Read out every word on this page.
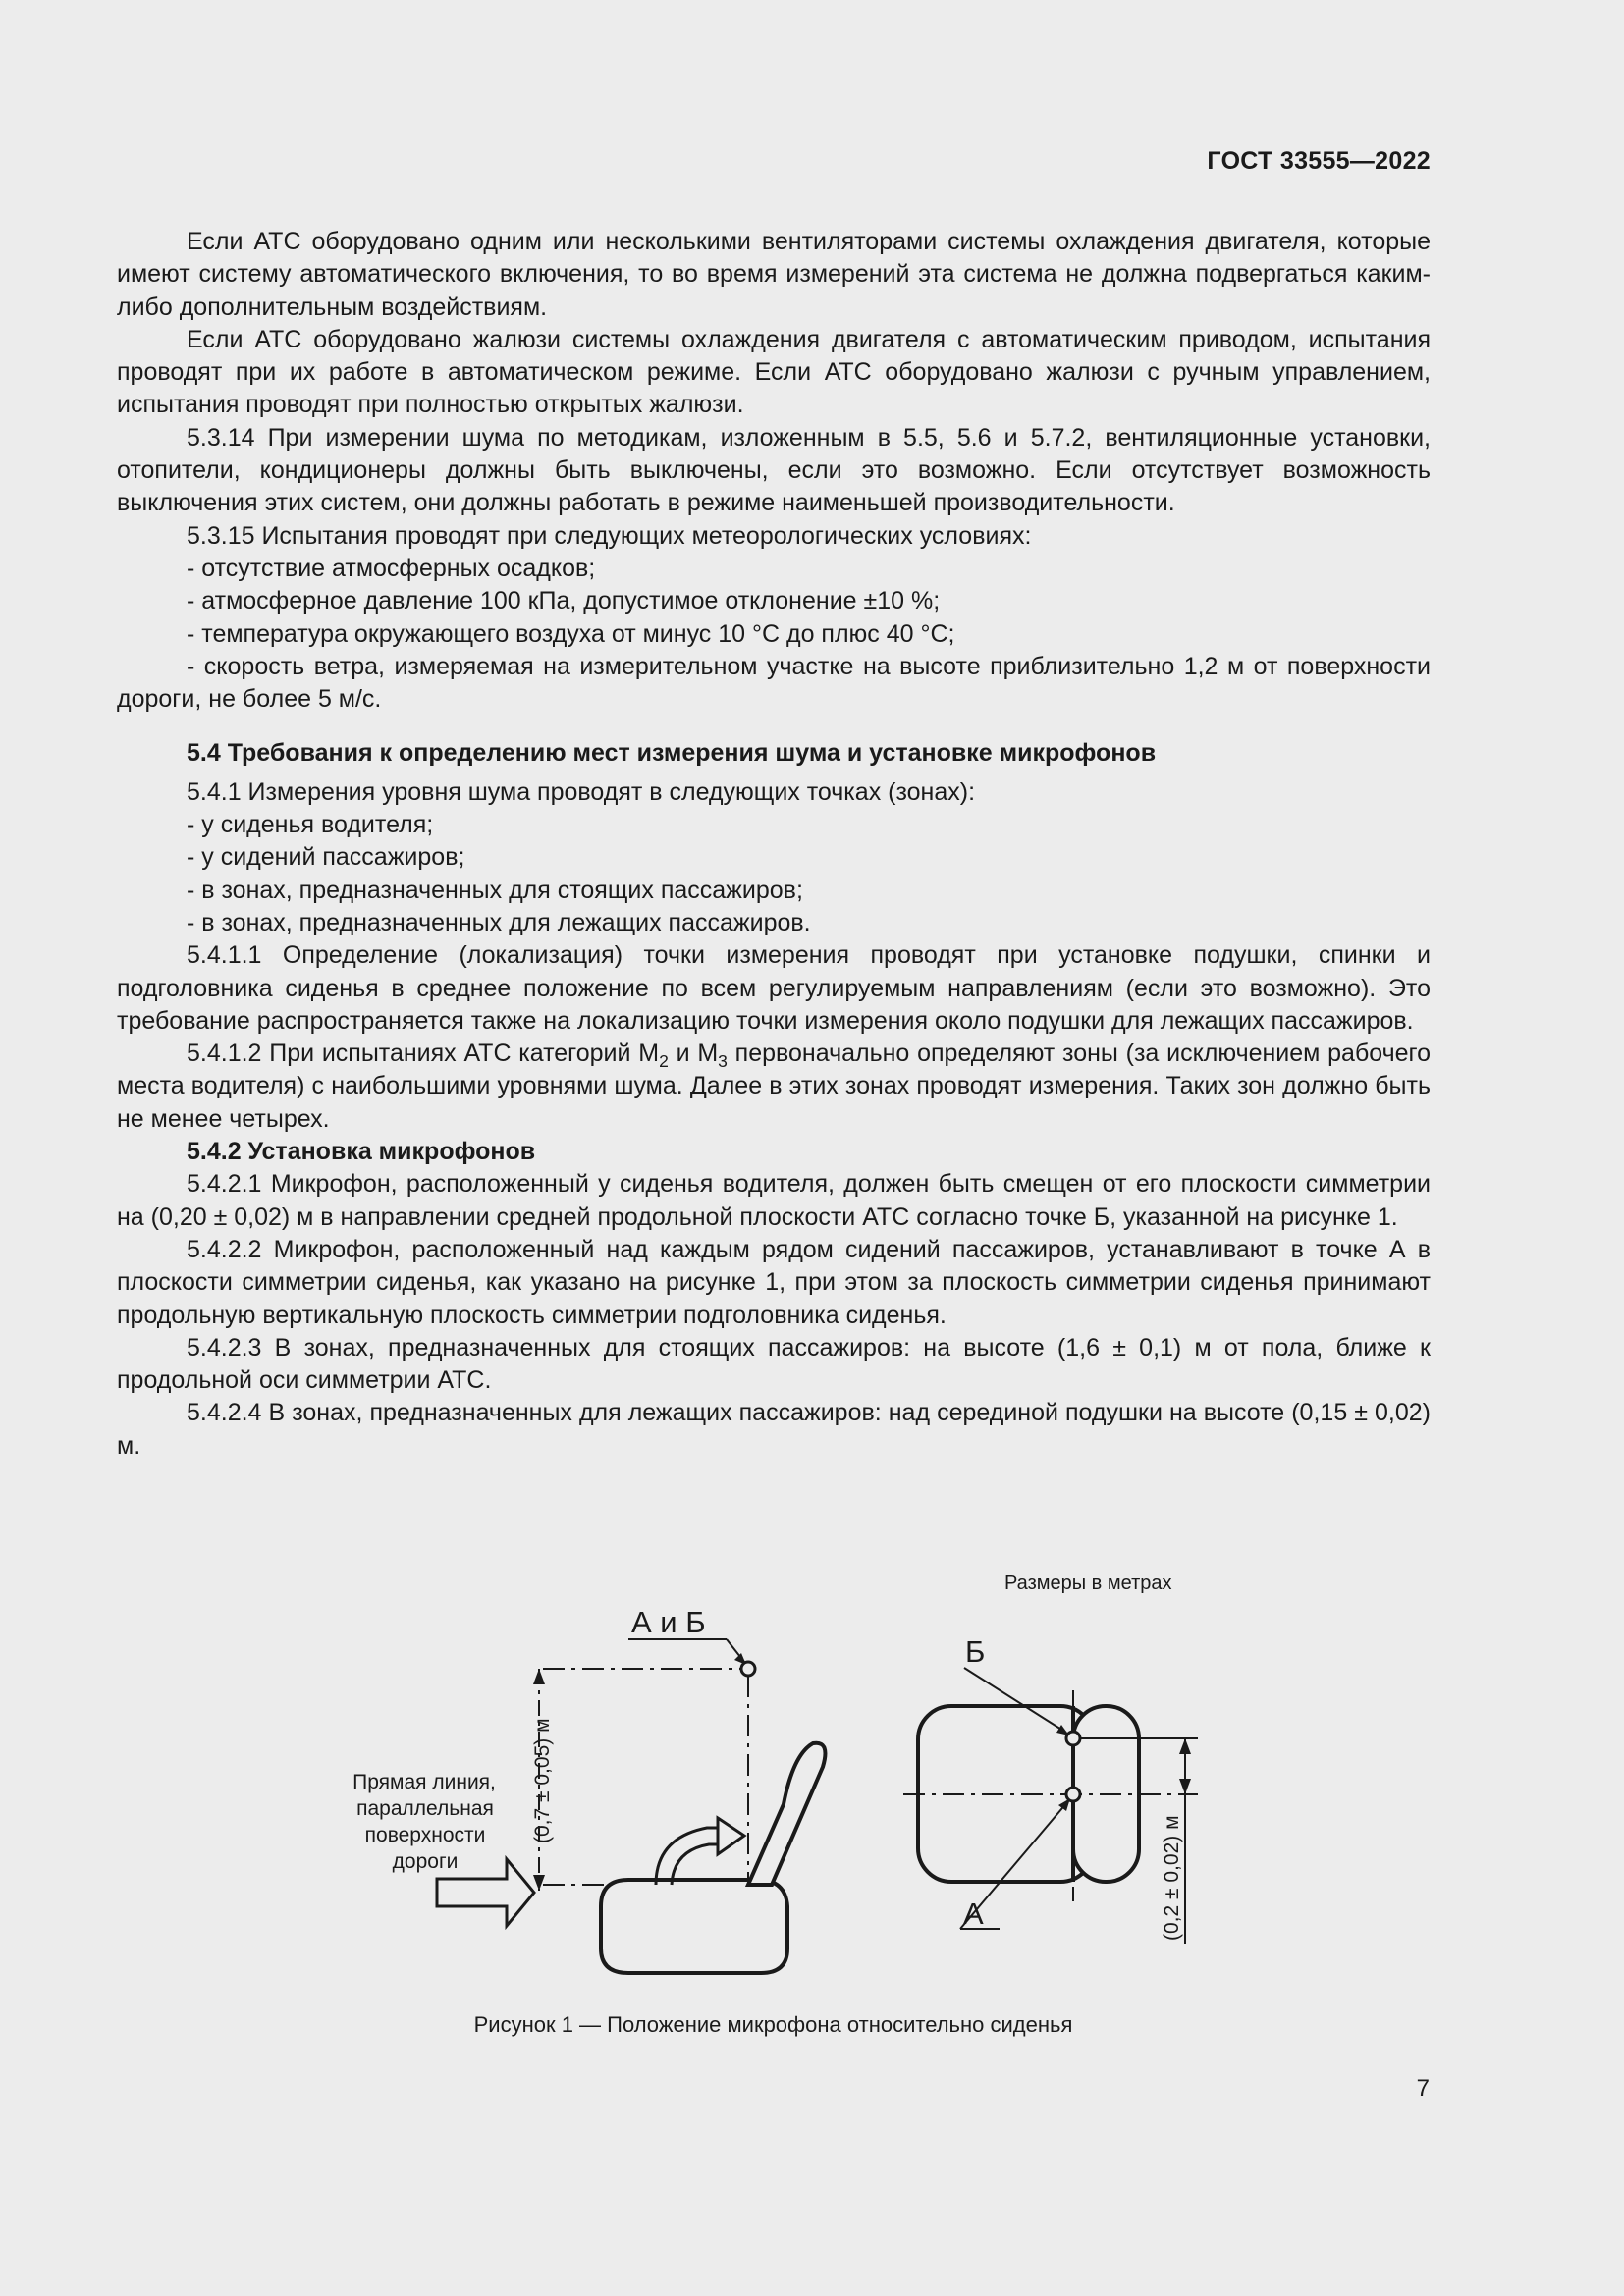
ГОСТ 33555—2022

Если АТС оборудовано одним или несколькими вентиляторами системы охлаждения двигателя, которые имеют систему автоматического включения, то во время измерений эта система не должна подвергаться каким-либо дополнительным воздействиям.

Если АТС оборудовано жалюзи системы охлаждения двигателя с автоматическим приводом, испытания проводят при их работе в автоматическом режиме. Если АТС оборудовано жалюзи с ручным управлением, испытания проводят при полностью открытых жалюзи.

5.3.14 При измерении шума по методикам, изложенным в 5.5, 5.6 и 5.7.2, вентиляционные установки, отопители, кондиционеры должны быть выключены, если это возможно. Если отсутствует возможность выключения этих систем, они должны работать в режиме наименьшей производительности.

5.3.15 Испытания проводят при следующих метеорологических условиях:

- отсутствие атмосферных осадков;

- атмосферное давление 100 кПа, допустимое отклонение ±10 %;

- температура окружающего воздуха от минус 10 °С до плюс 40 °С;

- скорость ветра, измеряемая на измерительном участке на высоте приблизительно 1,2 м от поверхности дороги, не более 5 м/с.

5.4 Требования к определению мест измерения шума и установке микрофонов

5.4.1 Измерения уровня шума проводят в следующих точках (зонах):

- у сиденья водителя;

- у сидений пассажиров;

- в зонах, предназначенных для стоящих пассажиров;

- в зонах, предназначенных для лежащих пассажиров.

5.4.1.1 Определение (локализация) точки измерения проводят при установке подушки, спинки и подголовника сиденья в среднее положение по всем регулируемым направлениям (если это возможно). Это требование распространяется также на локализацию точки измерения около подушки для лежащих пассажиров.

5.4.1.2 При испытаниях АТС категорий $М_2$ и $М_3$ первоначально определяют зоны (за исключением рабочего места водителя) с наибольшими уровнями шума. Далее в этих зонах проводят измерения. Таких зон должно быть не менее четырех.

5.4.2 Установка микрофонов

5.4.2.1 Микрофон, расположенный у сиденья водителя, должен быть смещен от его плоскости симметрии на (0,20 ± 0,02) м в направлении средней продольной плоскости АТС согласно точке Б, указанной на рисунке 1.

5.4.2.2 Микрофон, расположенный над каждым рядом сидений пассажиров, устанавливают в точке А в плоскости симметрии сиденья, как указано на рисунке 1, при этом за плоскость симметрии сиденья принимают продольную вертикальную плоскость симметрии подголовника сиденья.

5.4.2.3 В зонах, предназначенных для стоящих пассажиров: на высоте (1,6 ± 0,1) м от пола, ближе к продольной оси симметрии АТС.

5.4.2.4 В зонах, предназначенных для лежащих пассажиров: над серединой подушки на высоте (0,15 ± 0,02) м.

Размеры в метрах
А и Б
(0,7 ± 0,05) м
Прямая линия,
параллельная
поверхности
дороги
Б
А	(0,2 ± 0,02) м
Рисунок 1 — Положение микрофона относительно сиденья
7
